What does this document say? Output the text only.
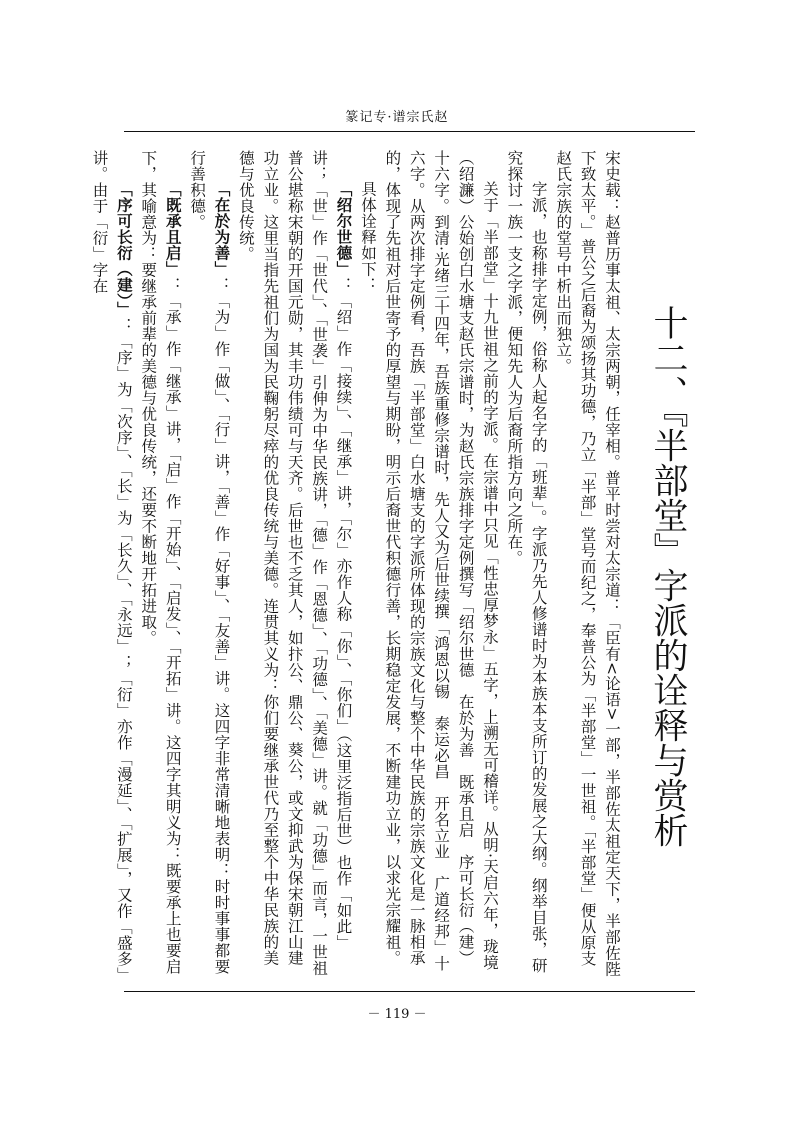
篆记专·谱宗氏赵
十二、『半部堂』字派的诠释与赏析

宋史载：赵普历事太祖、太宗两朝，任宰相。普平时尝对太宗道：「臣有<论语>一部，半部佐太祖定天下，半部佐陛下致太平。」普公之后裔为颂扬其功德，乃立「半部」堂号而纪之，奉普公为「半部堂」一世祖。「半部堂」便从原支赵氏宗族的堂号中析出而独立。

字派，也称排字定例，俗称人起名字的「班辈」。字派乃先人修谱时为本族本支所订的发展之大纲。纲举目张，研究探讨一族一支之字派，便知先人为后裔所指方向之所在。

关于「半部堂」十九世祖之前的字派。在宗谱中只见「性忠厚梦永」五字，上溯无可稽详。从明·天启六年，珑境（绍濂）公始创白水塘支赵氏宗谱时，为赵氏宗族排字定例撰写「绍尔世德　在於为善　既承且启　序可长衍（建）十六字。到清·光绪三十四年，吾族重修宗谱时，先人又为后世续撰「鸿恩以锡　泰运必昌　开名立业　广道经邦」十六字。从两次排字定例看，吾族「半部堂」白水塘支的字派所体现的宗族文化与整个中华民族的宗族文化是一脉相承的，体现了先祖对后世寄予的厚望与期盼，明示后裔世代积德行善，长期稳定发展，不断建功立业，以求光宗耀祖。

具体诠释如下：

「绍尔世德」：「绍」作「接续」、「继承」讲，「尔」亦作人称「你」、「你们」（这里泛指后世）也作「如此」讲；「世」作「世代」、「世袭」引伸为中华民族讲，「德」作「恩德」、「功德」、「美德」讲。就「功德」而言，一世祖普公堪称宋朝的开国元勋，其丰功伟绩可与天齐。后世也不乏其人，如抃公、鼎公、葵公，或文抑武为保宋朝江山建功立业。这里当指先祖们为国为民鞠躬尽瘁的优良传统与美德。连贯其义为：你们要继承世代乃至整个中华民族的美德与优良传统。

「在於为善」：「为」作「做」、「行」讲，「善」作「好事」、「友善」讲。这四字非常清晰地表明：时时事事都要行善积德。

「既承且启」：「承」作「继承」讲，「启」作「开始」、「启发」、「开拓」讲。这四字其明义为：既要承上也要启下，其喻意为：要继承前辈的美德与优良传统，还要不断地开拓进取。

「序可长衍（建）」：「序」为「次序」、「长」为「长久」、「永远」；「衍」亦作「漫延」、「扩展」，又作「盛多」讲。由于「衍」字在

－ 119 －
